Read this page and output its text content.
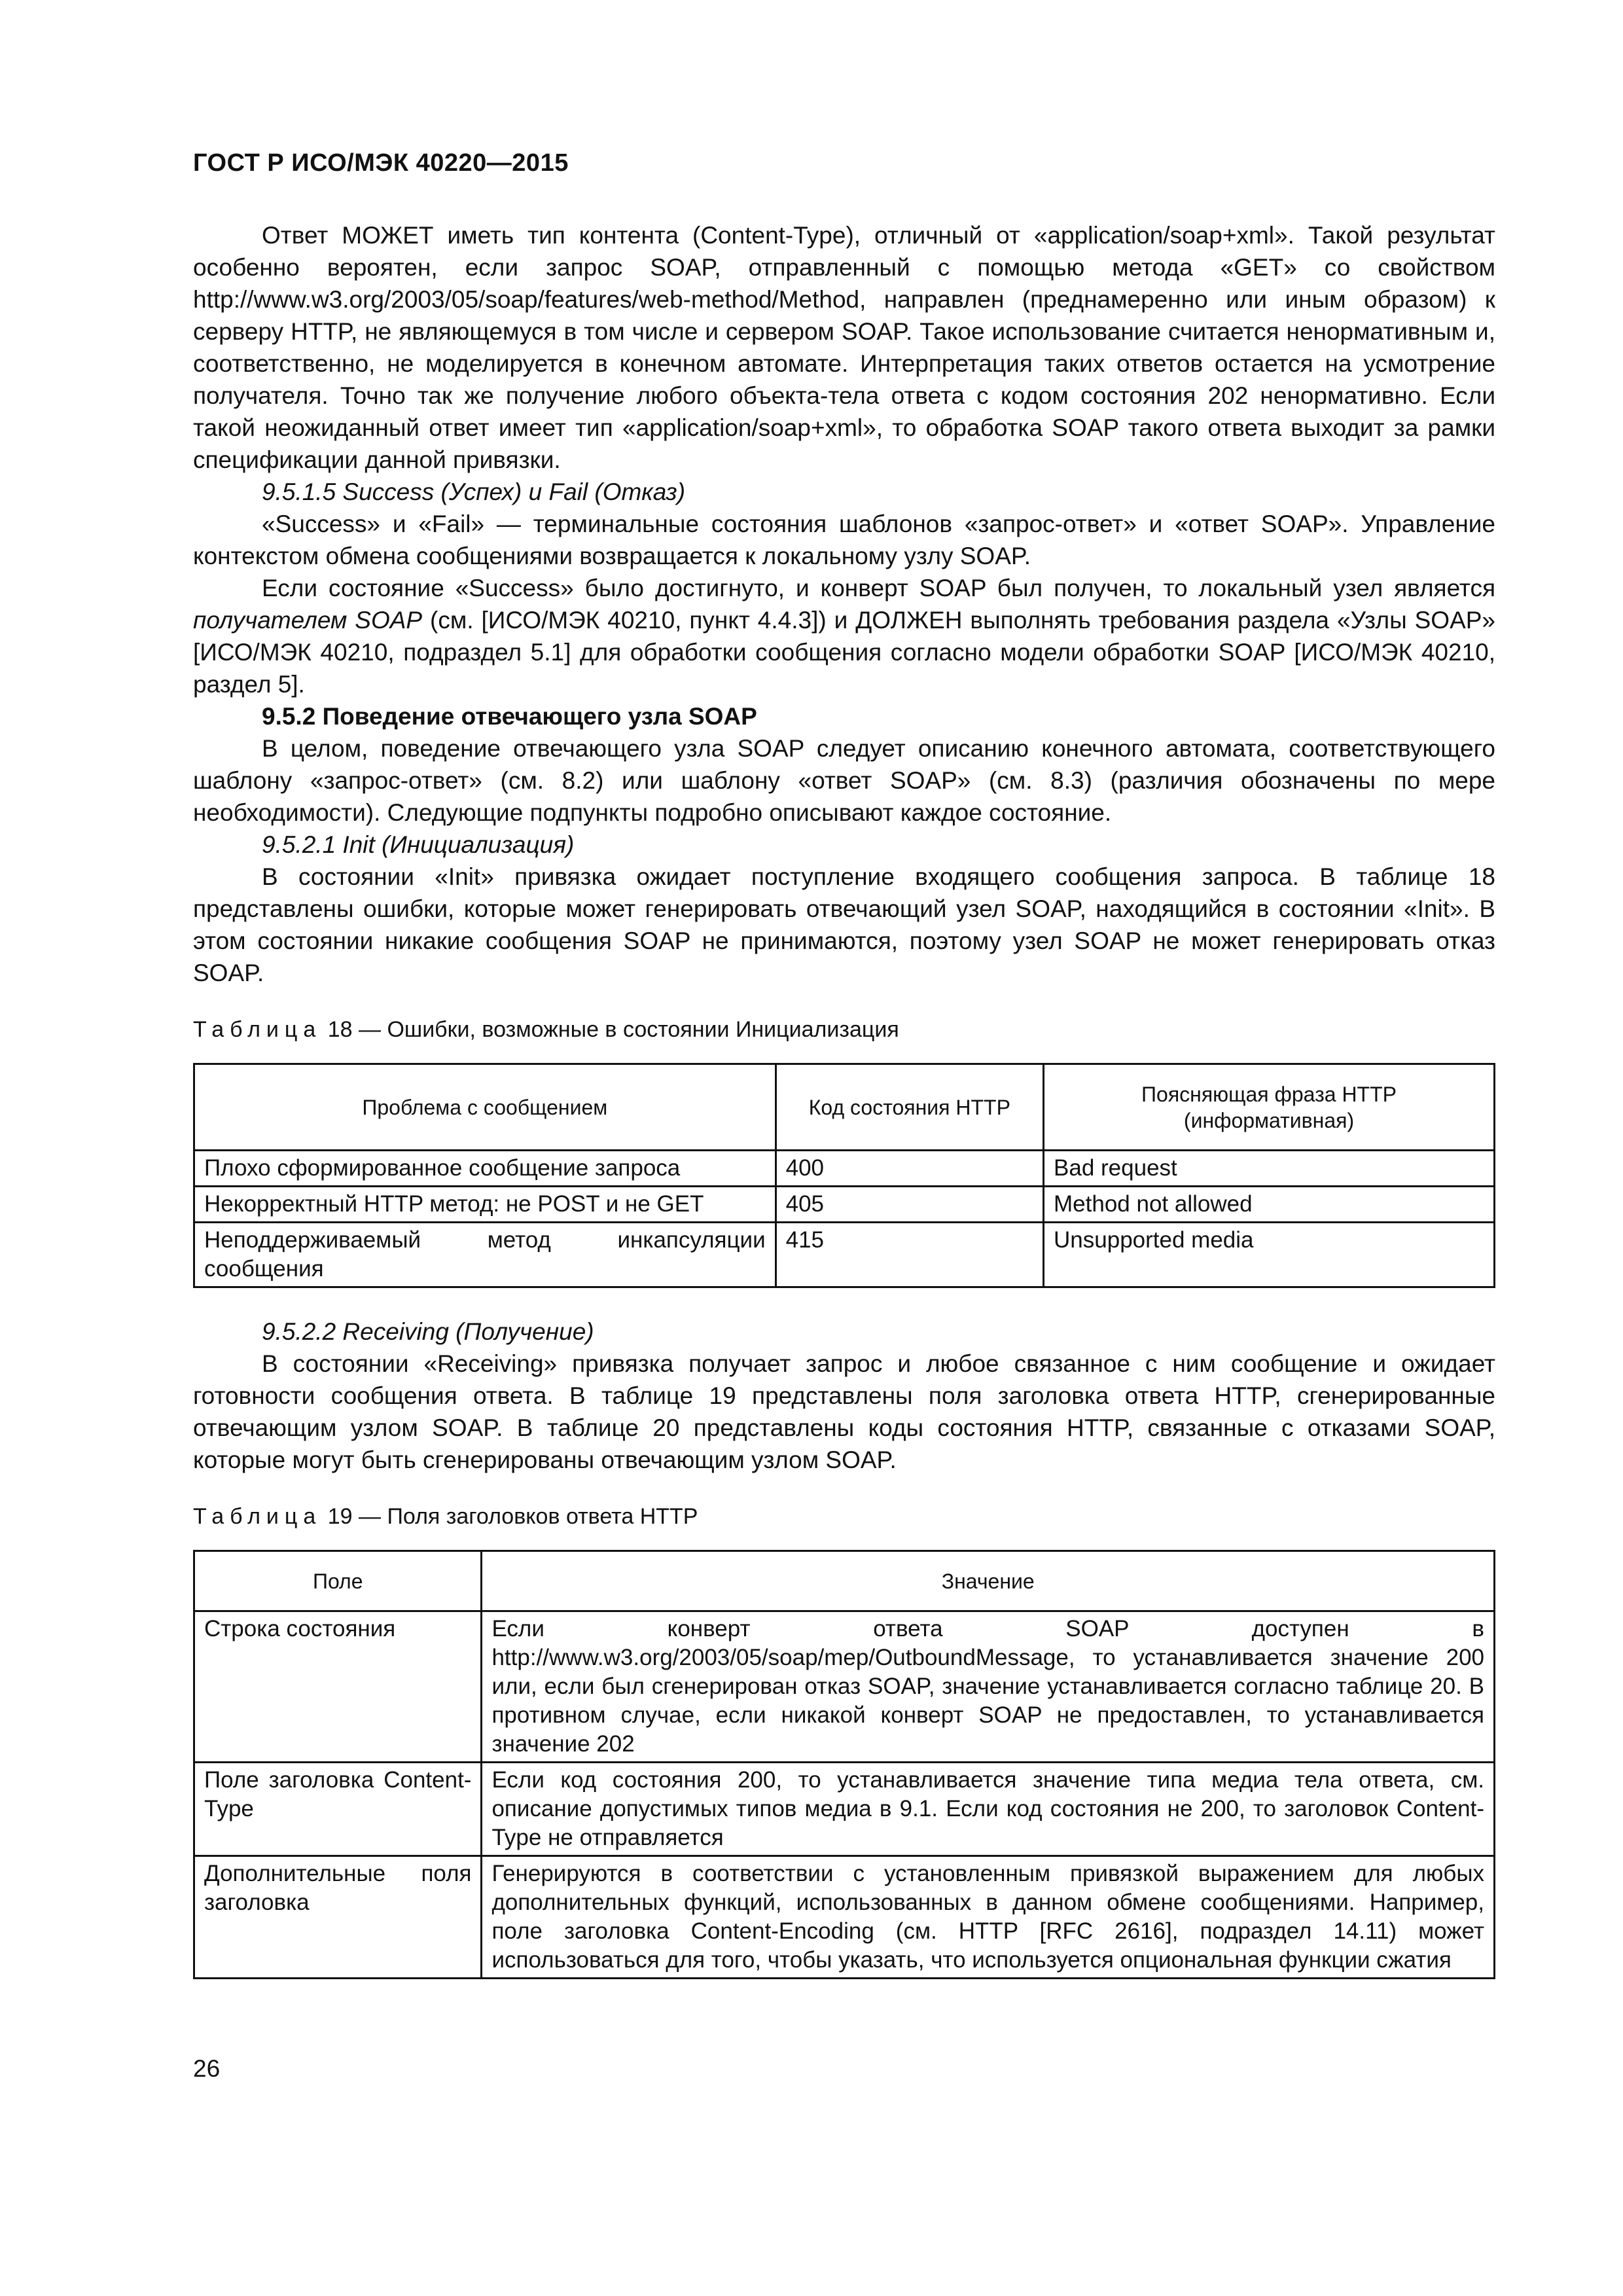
ГОСТ Р ИСО/МЭК 40220—2015

Ответ МОЖЕТ иметь тип контента (Content-Type), отличный от «application/soap+xml». Такой результат особенно вероятен, если запрос SOAP, отправленный с помощью метода «GET» со свойством http://www.w3.org/2003/05/soap/features/web-method/Method, направлен (преднамеренно или иным образом) к серверу HTTP, не являющемуся в том числе и сервером SOAP. Такое использование считается ненормативным и, соответственно, не моделируется в конечном автомате. Интерпретация таких ответов остается на усмотрение получателя. Точно так же получение любого объекта-тела ответа с кодом состояния 202 ненормативно. Если такой неожиданный ответ имеет тип «application/soap+xml», то обработка SOAP такого ответа выходит за рамки спецификации данной привязки.

9.5.1.5 Success (Успех) и Fail (Отказ)

«Success» и «Fail» — терминальные состояния шаблонов «запрос-ответ» и «ответ SOAP». Управление контекстом обмена сообщениями возвращается к локальному узлу SOAP.

Если состояние «Success» было достигнуто, и конверт SOAP был получен, то локальный узел является получателем SOAP (см. [ИСО/МЭК 40210, пункт 4.4.3]) и ДОЛЖЕН выполнять требования раздела «Узлы SOAP» [ИСО/МЭК 40210, подраздел 5.1] для обработки сообщения согласно модели обработки SOAP [ИСО/МЭК 40210, раздел 5].

9.5.2 Поведение отвечающего узла SOAP

В целом, поведение отвечающего узла SOAP следует описанию конечного автомата, соответствующего шаблону «запрос-ответ» (см. 8.2) или шаблону «ответ SOAP» (см. 8.3) (различия обозначены по мере необходимости). Следующие подпункты подробно описывают каждое состояние.

9.5.2.1 Init (Инициализация)

В состоянии «Init» привязка ожидает поступление входящего сообщения запроса. В таблице 18 представлены ошибки, которые может генерировать отвечающий узел SOAP, находящийся в состоянии «Init». В этом состоянии никакие сообщения SOAP не принимаются, поэтому узел SOAP не может генерировать отказ SOAP.

Таблица 18 — Ошибки, возможные в состоянии Инициализация
Проблема с сообщением	Код состояния HTTP	Поясняющая фраза HTTP (информативная)
Плохо сформированное сообщение запроса	400	Bad request
Некорректный HTTP метод: не POST и не GET	405	Method not allowed
Неподдерживаемый метод инкапсуляции сообщения	415	Unsupported media

9.5.2.2 Receiving (Получение)

В состоянии «Receiving» привязка получает запрос и любое связанное с ним сообщение и ожидает готовности сообщения ответа. В таблице 19 представлены поля заголовка ответа HTTP, сгенерированные отвечающим узлом SOAP. В таблице 20 представлены коды состояния HTTP, связанные с отказами SOAP, которые могут быть сгенерированы отвечающим узлом SOAP.

Таблица 19 — Поля заголовков ответа HTTP
Поле	Значение
Строка состояния	Если конверт ответа SOAP доступен в http://www.w3.org/2003/05/soap/mep/OutboundMessage, то устанавливается значение 200 или, если был сгенерирован отказ SOAP, значение устанавливается согласно таблице 20. В противном случае, если никакой конверт SOAP не предоставлен, то устанавливается значение 202
Поле заголовка Content-Type	Если код состояния 200, то устанавливается значение типа медиа тела ответа, см. описание допустимых типов медиа в 9.1. Если код состояния не 200, то заголовок Content-Type не отправляется
Дополнительные поля заголовка	Генерируются в соответствии с установленным привязкой выражением для любых дополнительных функций, использованных в данном обмене сообщениями. Например, поле заголовка Content-Encoding (см. HTTP [RFC 2616], подраздел 14.11) может использоваться для того, чтобы указать, что используется опциональная функции сжатия
26
